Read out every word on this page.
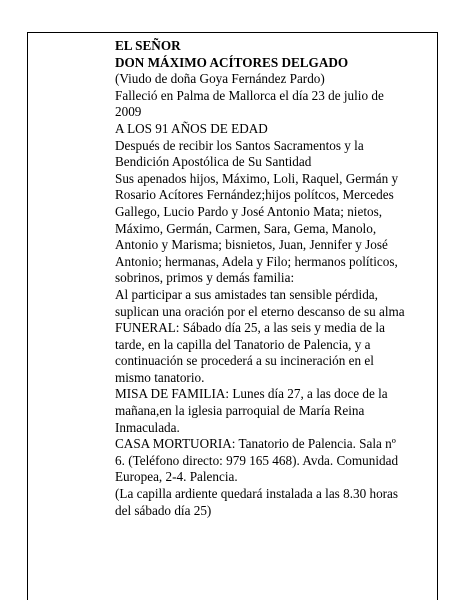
EL SEÑOR
DON MÁXIMO ACÍTORES DELGADO
(Viudo de doña Goya Fernández Pardo)
Falleció en Palma de Mallorca el día 23 de julio de
2009
A LOS 91 AÑOS DE EDAD
Después de recibir los Santos Sacramentos y la
Bendición Apostólica de Su Santidad
Sus apenados hijos, Máximo, Loli, Raquel, Germán y
Rosario Acítores Fernández;hijos polítcos, Mercedes
Gallego, Lucio Pardo y José Antonio Mata; nietos,
Máximo, Germán, Carmen, Sara, Gema, Manolo,
Antonio y Marisma; bisnietos, Juan, Jennifer y José
Antonio; hermanas, Adela y Filo; hermanos políticos,
sobrinos, primos y demás familia:
Al participar a sus amistades tan sensible pérdida,
suplican una oración por el eterno descanso de su alma
FUNERAL: Sábado día 25, a las seis y media de la
tarde, en la capilla del Tanatorio de Palencia, y a
continuación se procederá a su incineración en el
mismo tanatorio.
MISA DE FAMILIA: Lunes día 27, a las doce de la
mañana,en la iglesia parroquial de María Reina
Inmaculada.
CASA MORTUORIA: Tanatorio de Palencia. Sala nº
6. (Teléfono directo: 979 165 468). Avda. Comunidad
Europea, 2-4. Palencia.
(La capilla ardiente quedará instalada a las 8.30 horas
del sábado día 25)
